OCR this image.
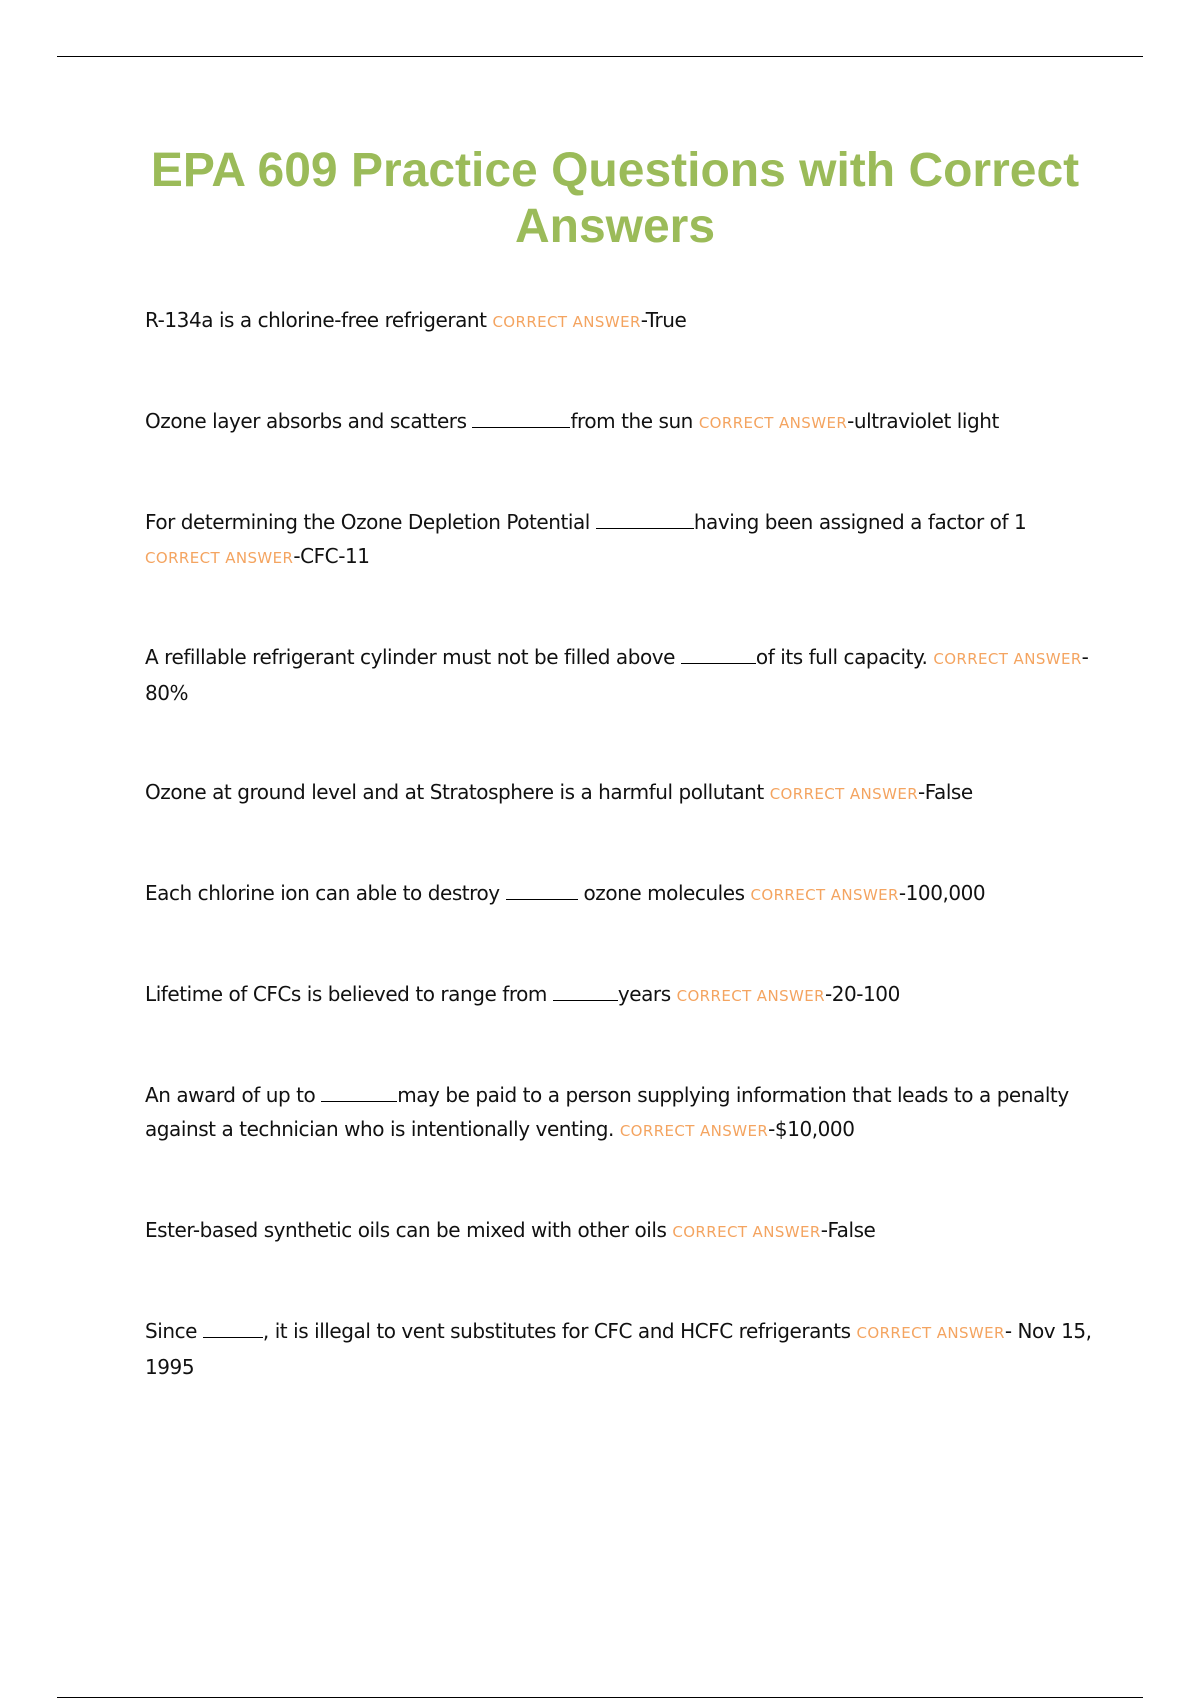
EPA 609 Practice Questions with Correct Answers

R-134a is a chlorine-free refrigerant CORRECT ANSWER-True

Ozone layer absorbs and scatters	from the sun CORRECT ANSWER-ultraviolet light

For determining the Ozone Depletion Potential	having been assigned a factor of 1 CORRECT ANSWER-CFC-11

A refillable refrigerant cylinder must not be filled above	of its full capacity. CORRECT ANSWER-80%

Ozone at ground level and at Stratosphere is a harmful pollutant CORRECT ANSWER-False

Each chlorine ion can able to destroy	ozone molecules CORRECT ANSWER-100,000

Lifetime of CFCs is believed to range from	years CORRECT ANSWER-20-100

An award of up to	may be paid to a person supplying information that leads to a penalty against a technician who is intentionally venting. CORRECT ANSWER-$10,000

Ester-based synthetic oils can be mixed with other oils CORRECT ANSWER-False

Since	, it is illegal to vent substitutes for CFC and HCFC refrigerants CORRECT ANSWER- Nov 15, 1995
